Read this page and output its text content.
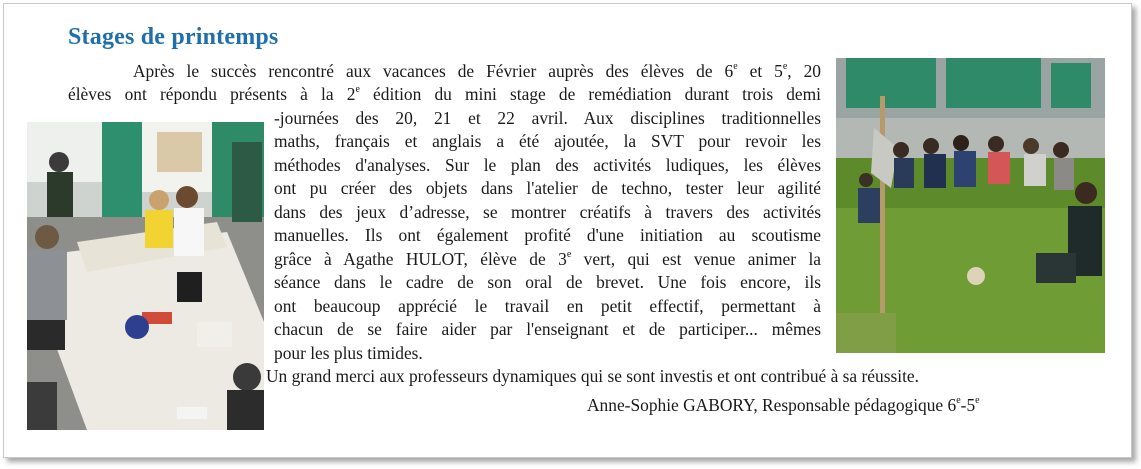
Stages de printemps

Après le succès rencontré aux vacances de Février auprès des élèves de 6e et 5e, 20

élèves ont répondu présents à la 2e édition du mini stage de remédiation durant trois demi

-journées des 20, 21 et 22 avril. Aux disciplines traditionnelles

maths, français et anglais a été ajoutée, la SVT pour revoir les

méthodes d'analyses. Sur le plan des activités ludiques, les élèves

ont pu créer des objets dans l'atelier de techno, tester leur agilité

dans des jeux d’adresse, se montrer créatifs à travers des activités

manuelles. Ils ont également profité d'une initiation au scoutisme

grâce à Agathe HULOT, élève de 3e vert, qui est venue animer la

séance dans le cadre de son oral de brevet. Une fois encore, ils

ont beaucoup apprécié le travail en petit effectif, permettant à

chacun de se faire aider par l'enseignant et de participer... mêmes

pour les plus timides.

Un grand merci aux professeurs dynamiques qui se sont investis et ont contribué à sa réussite.

Anne-Sophie GABORY, Responsable pédagogique 6e-5e
